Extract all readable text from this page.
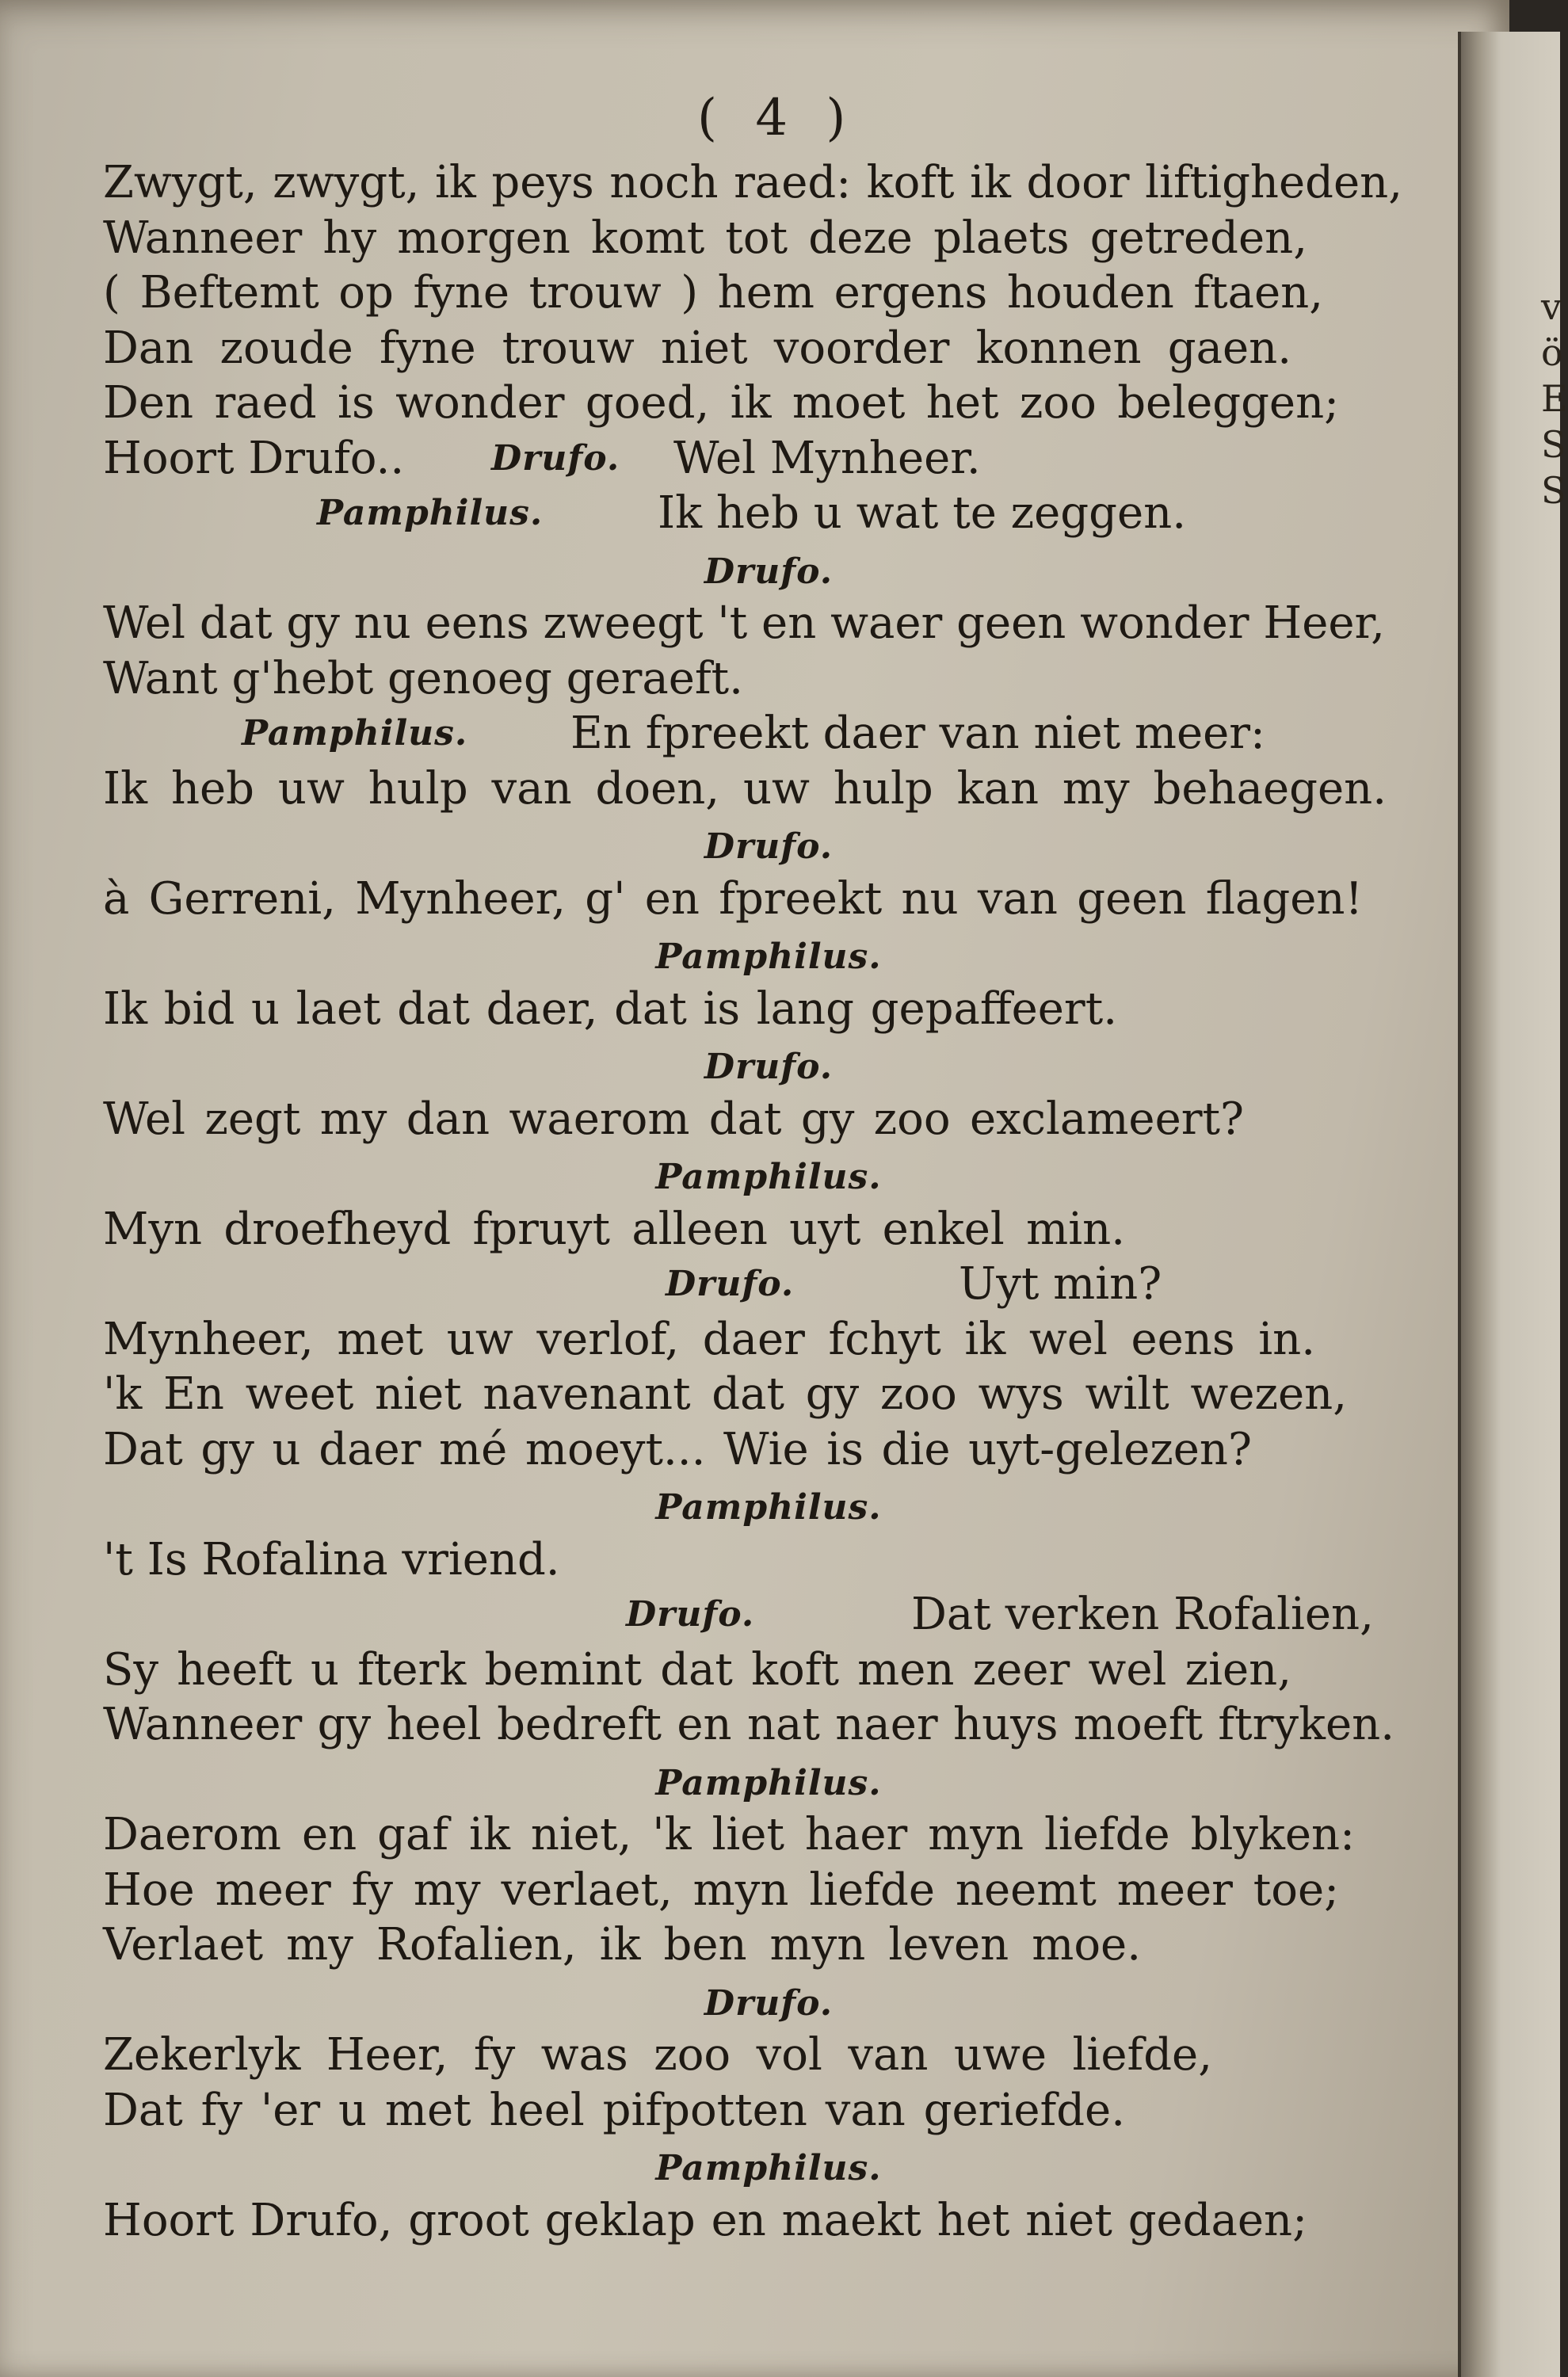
( 4 )
Zwygt, zwygt, ik peys noch raed: koft ik door liftigheden,
Wanneer hy morgen komt tot deze plaets getreden,
( Beftemt op fyne trouw ) hem ergens houden ftaen,
Dan zoude fyne trouw niet voorder konnen gaen.
Den raed is wonder goed, ik moet het zoo beleggen;
Hoort Drufo.. Drufo. Wel Mynheer.
Pamphilus.	Ik heb u wat te zeggen.
Drufo.
Wel dat gy nu eens zweegt 't en waer geen wonder Heer,
Want g'hebt genoeg geraeft.
Pamphilus. En fpreekt daer van niet meer:
Ik heb uw hulp van doen, uw hulp kan my behaegen.
Drufo.
à Gerreni, Mynheer, g' en fpreekt nu van geen flagen!
Pamphilus.
Ik bid u laet dat daer, dat is lang gepaffeert.
Drufo.
Wel zegt my dan waerom dat gy zoo exclameert?
Pamphilus.
Myn droefheyd fpruyt alleen uyt enkel min.
Drufo.	Uyt min?
Mynheer, met uw verlof, daer fchyt ik wel eens in.
'k En weet niet navenant dat gy zoo wys wilt wezen,
Dat gy u daer mé moeyt... Wie is die uyt-gelezen?
Pamphilus.
't Is Rofalina vriend.
Drufo.	Dat verken Rofalien,
Sy heeft u fterk bemint dat koft men zeer wel zien,
Wanneer gy heel bedreft en nat naer huys moeft ftryken.
Pamphilus.
Daerom en gaf ik niet, 'k liet haer myn liefde blyken:
Hoe meer fy my verlaet, myn liefde neemt meer toe;
Verlaet my Rofalien, ik ben myn leven moe.
Drufo.
Zekerlyk Heer, fy was zoo vol van uwe liefde,
Dat fy 'er u met heel pifpotten van geriefde.
Pamphilus.
Hoort Drufo, groot geklap en maekt het niet gedaen;
v
ö
E
S
S
